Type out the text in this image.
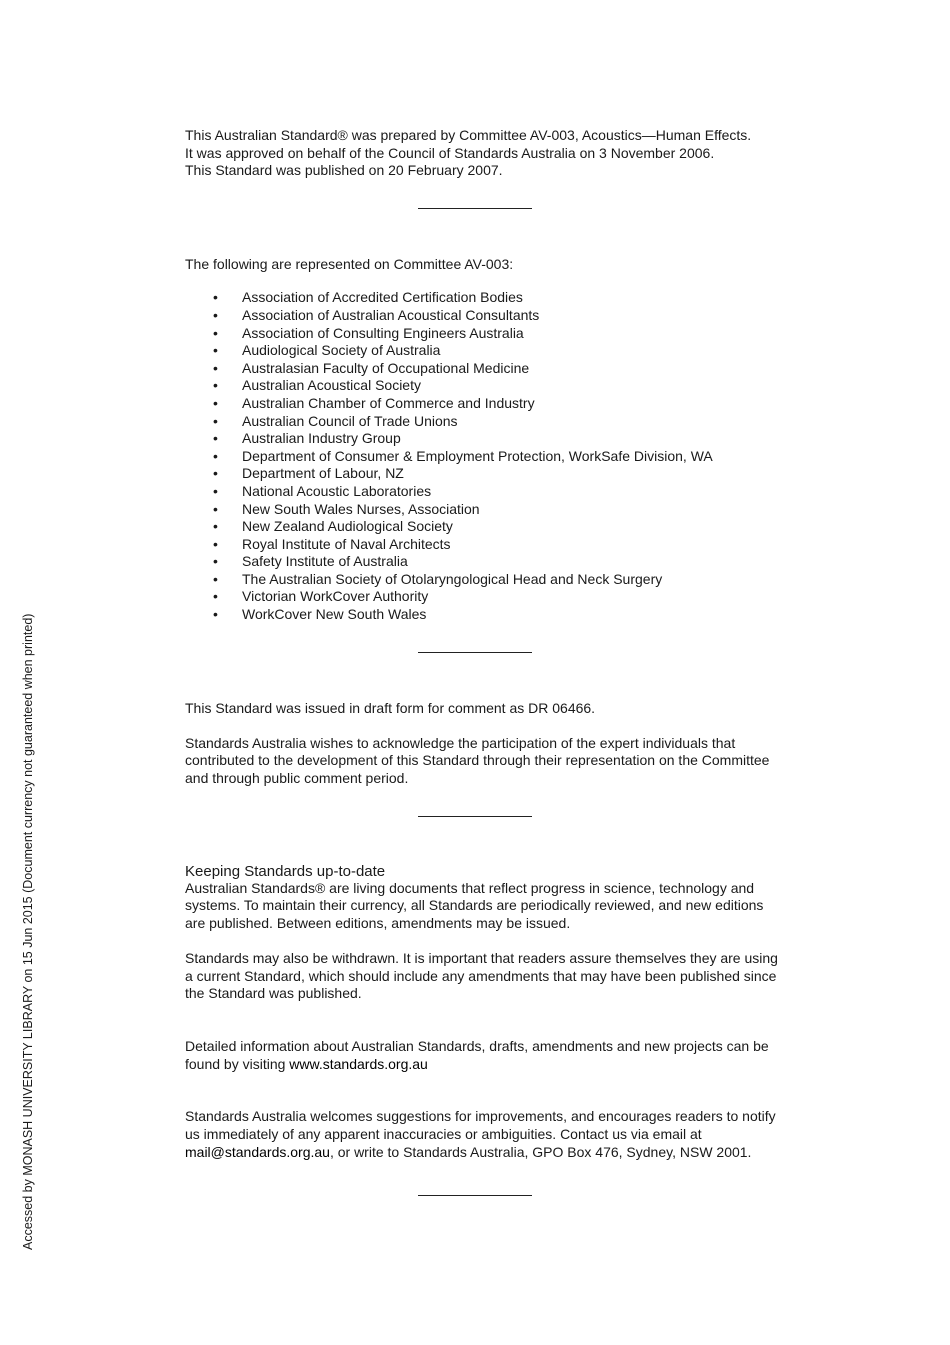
This Australian Standard® was prepared by Committee AV-003, Acoustics—Human Effects.

It was approved on behalf of the Council of Standards Australia on 3 November 2006.

This Standard was published on 20 February 2007.

The following are represented on Committee AV-003:

• Association of Accredited Certification Bodies
• Association of Australian Acoustical Consultants
• Association of Consulting Engineers Australia
• Audiological Society of Australia
• Australasian Faculty of Occupational Medicine
• Australian Acoustical Society
• Australian Chamber of Commerce and Industry
• Australian Council of Trade Unions
• Australian Industry Group
• Department of Consumer & Employment Protection, WorkSafe Division, WA
• Department of Labour, NZ
• National Acoustic Laboratories
• New South Wales Nurses, Association
• New Zealand Audiological Society
• Royal Institute of Naval Architects
• Safety Institute of Australia
• The Australian Society of Otolaryngological Head and Neck Surgery
• Victorian WorkCover Authority
• WorkCover New South Wales

This Standard was issued in draft form for comment as DR 06466.

Standards Australia wishes to acknowledge the participation of the expert individuals that contributed to the development of this Standard through their representation on the Committee and through public comment period.

Keeping Standards up-to-date

Australian Standards® are living documents that reflect progress in science, technology and systems. To maintain their currency, all Standards are periodically reviewed, and new editions are published. Between editions, amendments may be issued.

Standards may also be withdrawn. It is important that readers assure themselves they are using a current Standard, which should include any amendments that may have been published since the Standard was published.

Detailed information about Australian Standards, drafts, amendments and new projects can be found by visiting www.standards.org.au

Standards Australia welcomes suggestions for improvements, and encourages readers to notify us immediately of any apparent inaccuracies or ambiguities. Contact us via email at mail@standards.org.au, or write to Standards Australia, GPO Box 476, Sydney, NSW 2001.

Accessed by MONASH UNIVERSITY LIBRARY on 15 Jun 2015 (Document currency not guaranteed when printed)
